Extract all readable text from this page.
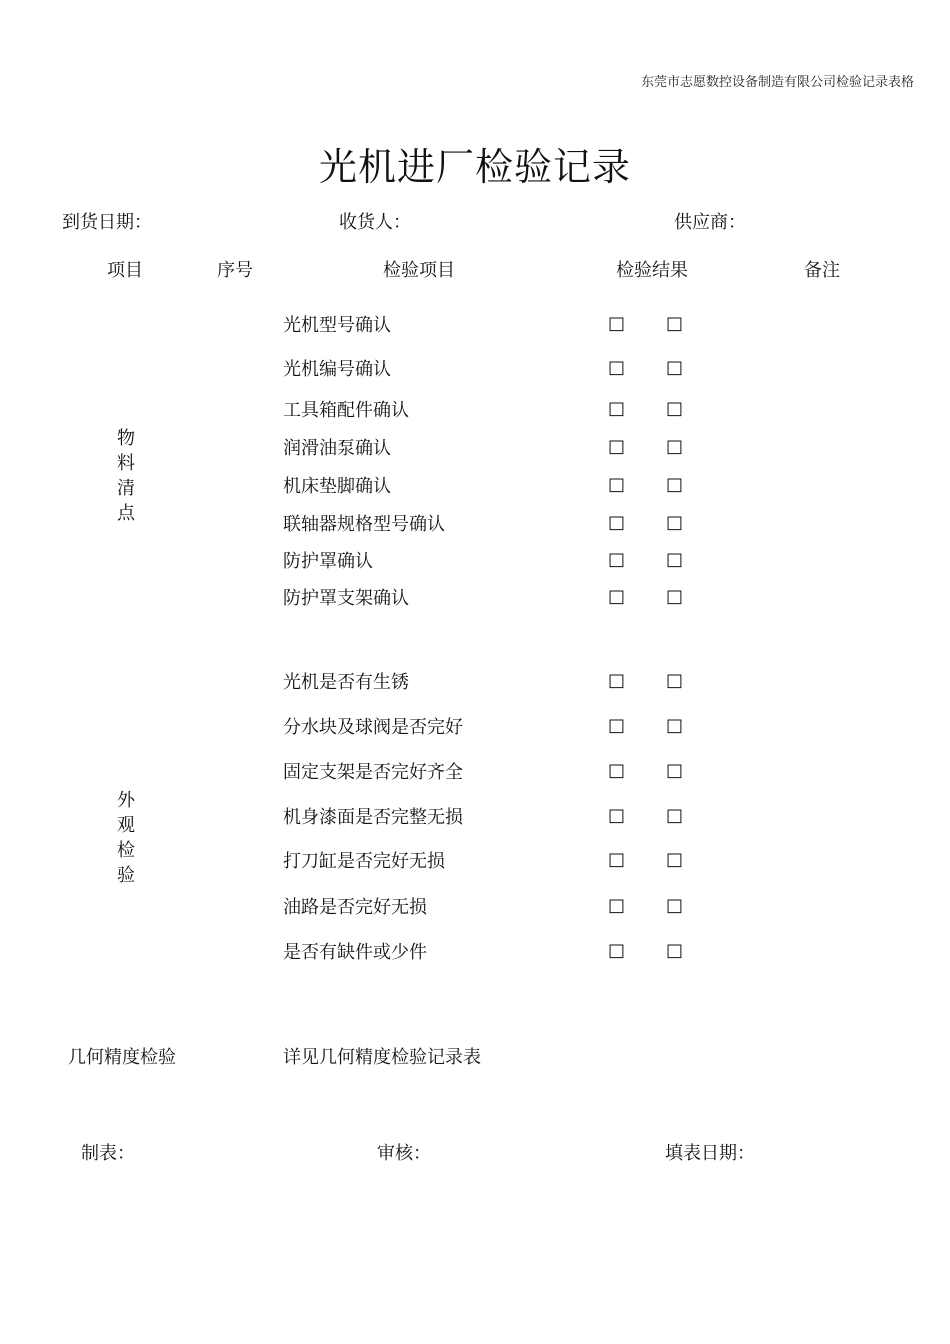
东莞市志愿数控设备制造有限公司检验记录表格
光机进厂检验记录
到货日期：	收货人：	供应商：
项目	序号	检验项目	检验结果	备注
物料清点
光机型号确认	□ □
光机编号确认	□ □
工具箱配件确认	□ □
润滑油泵确认	□ □
机床垫脚确认	□ □
联轴器规格型号确认	□ □
防护罩确认	□ □
防护罩支架确认	□ □
外观检验
光机是否有生锈	□ □
分水块及球阀是否完好	□ □
固定支架是否完好齐全	□ □
机身漆面是否完整无损	□ □
打刀缸是否完好无损	□ □
油路是否完好无损	□ □
是否有缺件或少件	□ □
几何精度检验	详见几何精度检验记录表
制表：	审核：	填表日期：
